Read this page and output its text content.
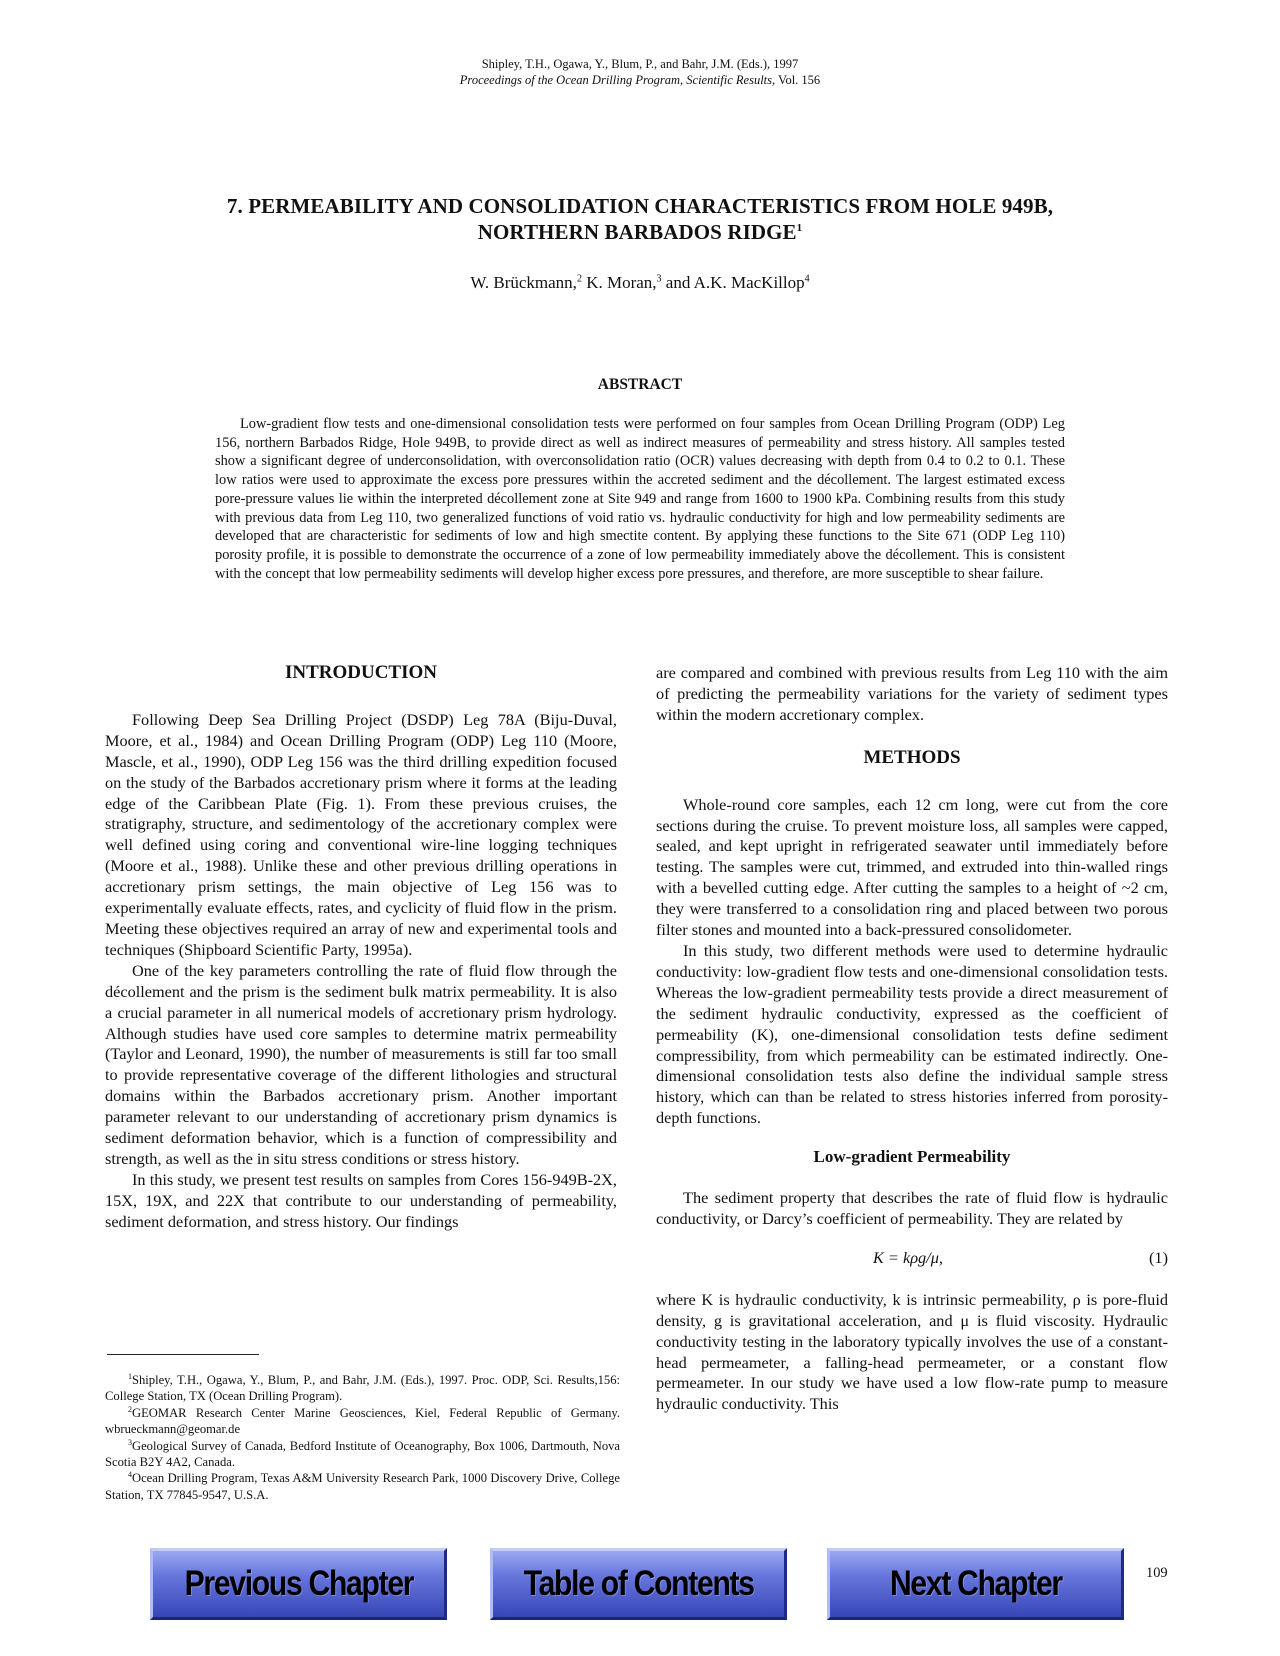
Shipley, T.H., Ogawa, Y., Blum, P., and Bahr, J.M. (Eds.), 1997
Proceedings of the Ocean Drilling Program, Scientific Results, Vol. 156
7. PERMEABILITY AND CONSOLIDATION CHARACTERISTICS FROM HOLE 949B,
NORTHERN BARBADOS RIDGE$^1$
W. Brückmann,$^2$ K. Moran,$^3$ and A.K. MacKillop$^4$
ABSTRACT

Low-gradient flow tests and one-dimensional consolidation tests were performed on four samples from Ocean Drilling Program (ODP) Leg 156, northern Barbados Ridge, Hole 949B, to provide direct as well as indirect measures of permeability and stress history. All samples tested show a significant degree of underconsolidation, with overconsolidation ratio (OCR) values decreasing with depth from 0.4 to 0.2 to 0.1. These low ratios were used to approximate the excess pore pressures within the accreted sediment and the décollement. The largest estimated excess pore-pressure values lie within the interpreted décollement zone at Site 949 and range from 1600 to 1900 kPa. Combining results from this study with previous data from Leg 110, two generalized functions of void ratio vs. hydraulic conductivity for high and low permeability sediments are developed that are characteristic for sediments of low and high smectite content. By applying these functions to the Site 671 (ODP Leg 110) porosity profile, it is possible to demonstrate the occurrence of a zone of low permeability immediately above the décollement. This is consistent with the concept that low permeability sediments will develop higher excess pore pressures, and therefore, are more susceptible to shear failure.

INTRODUCTION

Following Deep Sea Drilling Project (DSDP) Leg 78A (Biju-Duval, Moore, et al., 1984) and Ocean Drilling Program (ODP) Leg 110 (Moore, Mascle, et al., 1990), ODP Leg 156 was the third drilling expedition focused on the study of the Barbados accretionary prism where it forms at the leading edge of the Caribbean Plate (Fig. 1). From these previous cruises, the stratigraphy, structure, and sedimentology of the accretionary complex were well defined using coring and conventional wire-line logging techniques (Moore et al., 1988). Unlike these and other previous drilling operations in accretionary prism settings, the main objective of Leg 156 was to experimentally evaluate effects, rates, and cyclicity of fluid flow in the prism. Meeting these objectives required an array of new and experimental tools and techniques (Shipboard Scientific Party, 1995a).

One of the key parameters controlling the rate of fluid flow through the décollement and the prism is the sediment bulk matrix permeability. It is also a crucial parameter in all numerical models of accretionary prism hydrology. Although studies have used core samples to determine matrix permeability (Taylor and Leonard, 1990), the number of measurements is still far too small to provide representative coverage of the different lithologies and structural domains within the Barbados accretionary prism. Another important parameter relevant to our understanding of accretionary prism dynamics is sediment deformation behavior, which is a function of compressibility and strength, as well as the in situ stress conditions or stress history.

In this study, we present test results on samples from Cores 156-949B-2X, 15X, 19X, and 22X that contribute to our understanding of permeability, sediment deformation, and stress history. Our findings

are compared and combined with previous results from Leg 110 with the aim of predicting the permeability variations for the variety of sediment types within the modern accretionary complex.

METHODS

Whole-round core samples, each 12 cm long, were cut from the core sections during the cruise. To prevent moisture loss, all samples were capped, sealed, and kept upright in refrigerated seawater until immediately before testing. The samples were cut, trimmed, and extruded into thin-walled rings with a bevelled cutting edge. After cutting the samples to a height of ~2 cm, they were transferred to a consolidation ring and placed between two porous filter stones and mounted into a back-pressured consolidometer.

In this study, two different methods were used to determine hydraulic conductivity: low-gradient flow tests and one-dimensional consolidation tests. Whereas the low-gradient permeability tests provide a direct measurement of the sediment hydraulic conductivity, expressed as the coefficient of permeability (K), one-dimensional consolidation tests define sediment compressibility, from which permeability can be estimated indirectly. One-dimensional consolidation tests also define the individual sample stress history, which can than be related to stress histories inferred from porosity-depth functions.

Low-gradient Permeability

The sediment property that describes the rate of fluid flow is hydraulic conductivity, or Darcy’s coefficient of permeability. They are related by

K = kρg/μ,	(1)

where K is hydraulic conductivity, k is intrinsic permeability, ρ is pore-fluid density, g is gravitational acceleration, and μ is fluid viscosity. Hydraulic conductivity testing in the laboratory typically involves the use of a constant-head permeameter, a falling-head permeameter, or a constant flow permeameter. In our study we have used a low flow-rate pump to measure hydraulic conductivity. This

$^1$Shipley, T.H., Ogawa, Y., Blum, P., and Bahr, J.M. (Eds.), 1997. Proc. ODP, Sci. Results,156: College Station, TX (Ocean Drilling Program).

$^2$GEOMAR Research Center Marine Geosciences, Kiel, Federal Republic of Germany. wbrueckmann@geomar.de

$^3$Geological Survey of Canada, Bedford Institute of Oceanography, Box 1006, Dartmouth, Nova Scotia B2Y 4A2, Canada.

$^4$Ocean Drilling Program, Texas A&M University Research Park, 1000 Discovery Drive, College Station, TX 77845-9547, U.S.A.

Previous Chapter	Table of Contents	Next Chapter	109
